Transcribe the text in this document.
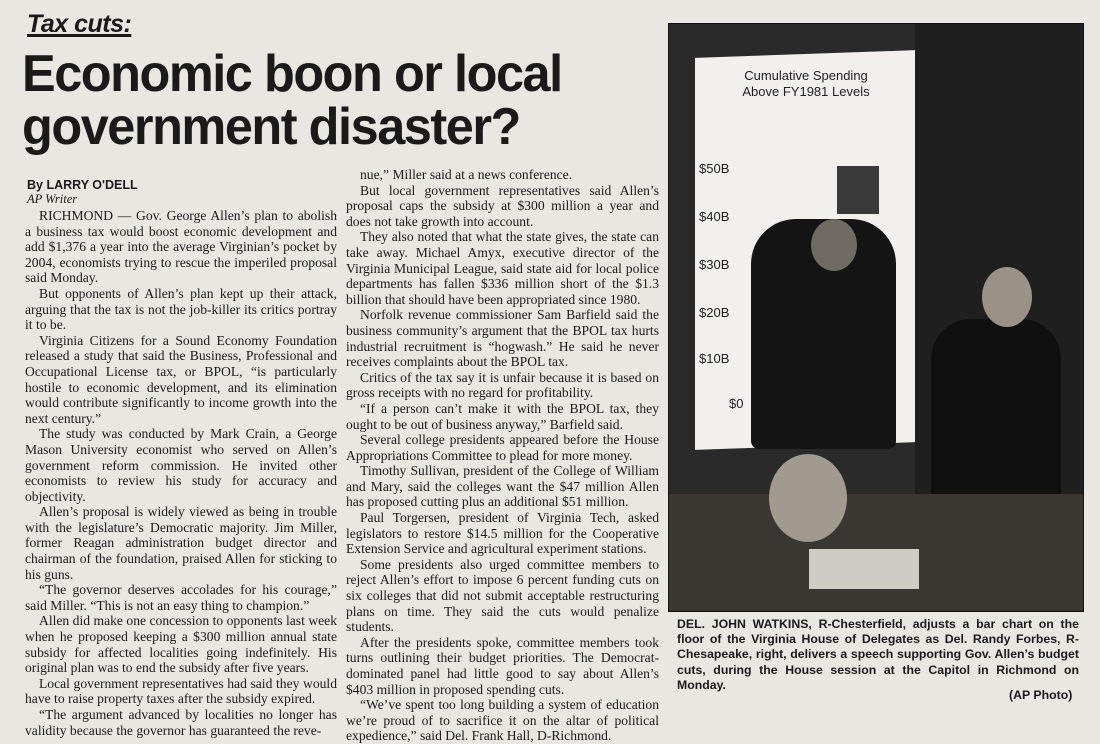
Tax cuts:
Economic boon or local government disaster?
By LARRY O'DELL
AP Writer

RICHMOND — Gov. George Allen’s plan to abolish a business tax would boost economic development and add $1,376 a year into the average Virginian’s pocket by 2004, economists trying to rescue the imperiled proposal said Monday.

But opponents of Allen’s plan kept up their attack, arguing that the tax is not the job-killer its critics portray it to be.

Virginia Citizens for a Sound Economy Foundation released a study that said the Business, Professional and Occupational License tax, or BPOL, “is particularly hostile to economic development, and its elimination would contribute significantly to income growth into the next century.”

The study was conducted by Mark Crain, a George Mason University economist who served on Allen’s government reform commission. He invited other economists to review his study for accuracy and objectivity.

Allen’s proposal is widely viewed as being in trouble with the legislature’s Democratic majority. Jim Miller, former Reagan administration budget director and chairman of the foundation, praised Allen for sticking to his guns.

“The governor deserves accolades for his courage,” said Miller. “This is not an easy thing to champion.”

Allen did make one concession to opponents last week when he proposed keeping a $300 million annual state subsidy for affected localities going indefinitely. His original plan was to end the subsidy after five years.

Local government representatives had said they would have to raise property taxes after the subsidy expired.

“The argument advanced by localities no longer has validity because the governor has guaranteed the reve-

nue,” Miller said at a news conference.

But local government representatives said Allen’s proposal caps the subsidy at $300 million a year and does not take growth into account.

They also noted that what the state gives, the state can take away. Michael Amyx, executive director of the Virginia Municipal League, said state aid for local police departments has fallen $336 million short of the $1.3 billion that should have been appropriated since 1980.

Norfolk revenue commissioner Sam Barfield said the business community’s argument that the BPOL tax hurts industrial recruitment is “hogwash.” He said he never receives complaints about the BPOL tax.

Critics of the tax say it is unfair because it is based on gross receipts with no regard for profitability.

“If a person can’t make it with the BPOL tax, they ought to be out of business anyway,” Barfield said.

Several college presidents appeared before the House Appropriations Committee to plead for more money.

Timothy Sullivan, president of the College of William and Mary, said the colleges want the $47 million Allen has proposed cutting plus an additional $51 million.

Paul Torgersen, president of Virginia Tech, asked legislators to restore $14.5 million for the Cooperative Extension Service and agricultural experiment stations.

Some presidents also urged committee members to reject Allen’s effort to impose 6 percent funding cuts on six colleges that did not submit acceptable restructuring plans on time. They said the cuts would penalize students.

After the presidents spoke, committee members took turns outlining their budget priorities. The Democrat-dominated panel had little good to say about Allen’s $403 million in proposed spending cuts.

“We’ve spent too long building a system of education we’re proud of to sacrifice it on the altar of political expedience,” said Del. Frank Hall, D-Richmond.

Cumulative Spending Above FY1981 Levels
$50B
$40B
$30B
$20B
$10B
$0
DEL. JOHN WATKINS, R-Chesterfield, adjusts a bar chart on the floor of the Virginia House of Delegates as Del. Randy Forbes, R-Chesapeake, right, delivers a speech supporting Gov. Allen’s budget cuts, during the House session at the Capitol in Richmond on Monday.
(AP Photo)
